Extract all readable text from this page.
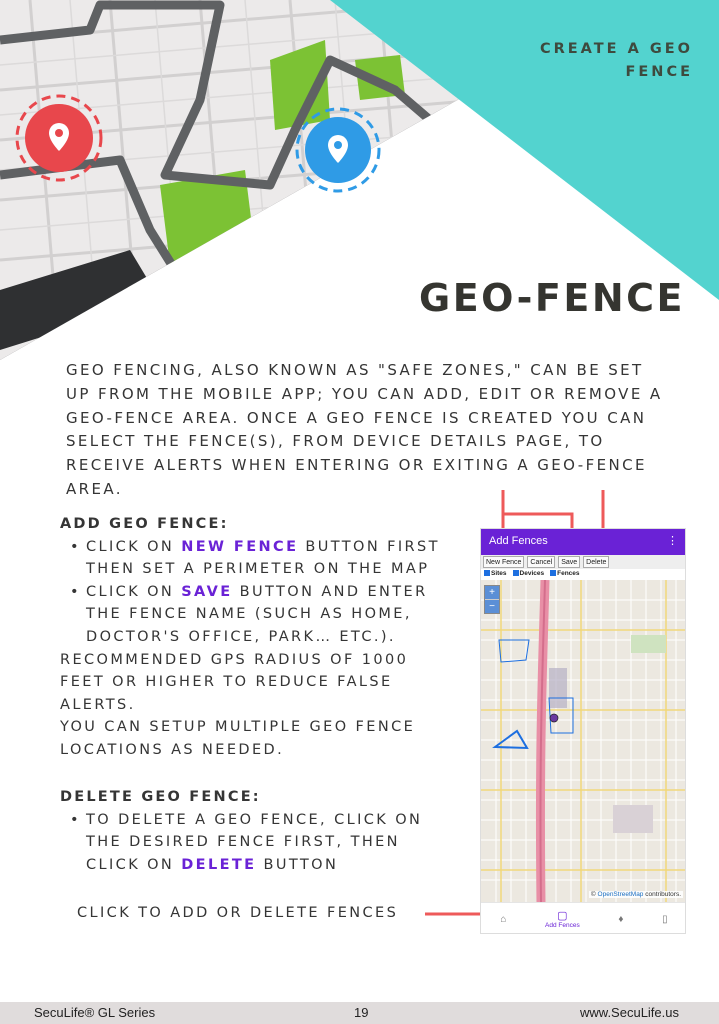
CREATE A GEO
FENCE
GEO-FENCE

GEO FENCING, ALSO KNOWN AS "SAFE ZONES," CAN BE SET UP FROM THE MOBILE APP; YOU CAN ADD, EDIT OR REMOVE A GEO-FENCE AREA. ONCE A GEO FENCE IS CREATED YOU CAN SELECT THE FENCE(S), FROM DEVICE DETAILS PAGE, TO RECEIVE ALERTS WHEN ENTERING OR EXITING A GEO-FENCE AREA.

ADD GEO FENCE:
• CLICK ON NEW FENCE BUTTON FIRST THEN SET A PERIMETER ON THE MAP
• CLICK ON SAVE BUTTON AND ENTER THE FENCE NAME (SUCH AS HOME, DOCTOR'S OFFICE, PARK… ETC.).
RECOMMENDED GPS RADIUS OF 1000 FEET OR HIGHER TO REDUCE FALSE ALERTS.
YOU CAN SETUP MULTIPLE GEO FENCE LOCATIONS AS NEEDED.
DELETE GEO FENCE:
• TO DELETE A GEO FENCE, CLICK ON THE DESIRED FENCE FIRST, THEN CLICK ON DELETE BUTTON
CLICK TO ADD OR DELETE FENCES
Add Fences	⋮
New Fence	Cancel	Save	Delete
Sites	Devices	Fences
+
−
© OpenStreetMap contributors.
⌂	▢
Add Fences
♦	▯
SecuLife® GL Series	19	www.SecuLife.us
